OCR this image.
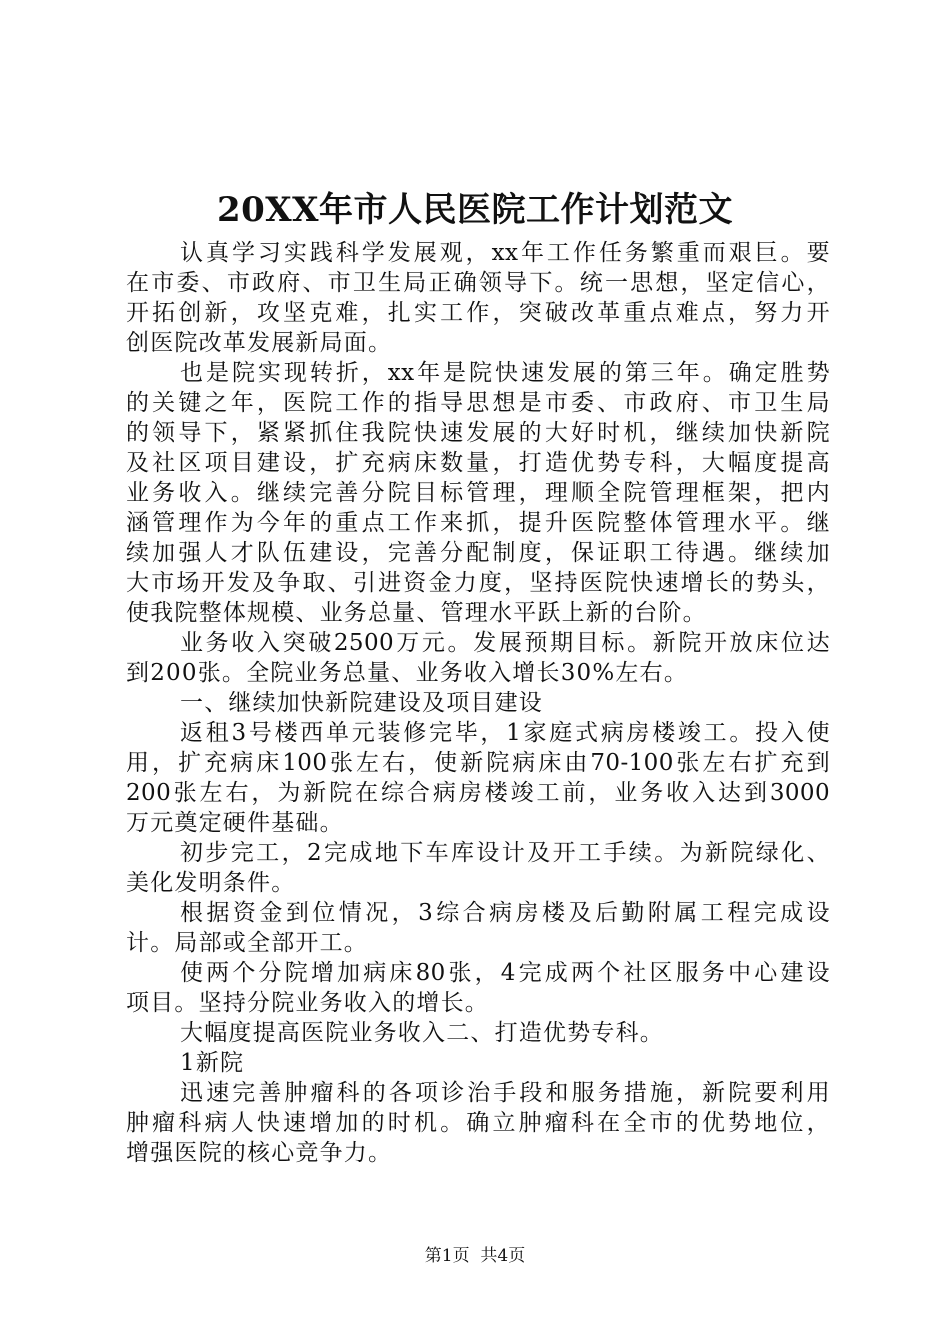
20XX年市人民医院工作计划范文
认真学习实践科学发展观，xx年工作任务繁重而艰巨。要
在市委、市政府、市卫生局正确领导下。统一思想，坚定信心，
开拓创新，攻坚克难，扎实工作，突破改革重点难点，努力开
创医院改革发展新局面。
也是院实现转折，xx年是院快速发展的第三年。确定胜势
的关键之年，医院工作的指导思想是市委、市政府、市卫生局
的领导下，紧紧抓住我院快速发展的大好时机，继续加快新院
及社区项目建设，扩充病床数量，打造优势专科，大幅度提高
业务收入。继续完善分院目标管理，理顺全院管理框架，把内
涵管理作为今年的重点工作来抓，提升医院整体管理水平。继
续加强人才队伍建设，完善分配制度，保证职工待遇。继续加
大市场开发及争取、引进资金力度，坚持医院快速增长的势头，
使我院整体规模、业务总量、管理水平跃上新的台阶。
业务收入突破2500万元。发展预期目标。新院开放床位达
到200张。全院业务总量、业务收入增长30%左右。
一、继续加快新院建设及项目建设
返租3号楼西单元装修完毕，1家庭式病房楼竣工。投入使
用，扩充病床100张左右，使新院病床由70-100张左右扩充到
200张左右，为新院在综合病房楼竣工前，业务收入达到3000
万元奠定硬件基础。
初步完工，2完成地下车库设计及开工手续。为新院绿化、
美化发明条件。
根据资金到位情况，3综合病房楼及后勤附属工程完成设
计。局部或全部开工。
使两个分院增加病床80张，4完成两个社区服务中心建设
项目。坚持分院业务收入的增长。
大幅度提高医院业务收入二、打造优势专科。
1新院
迅速完善肿瘤科的各项诊治手段和服务措施，新院要利用
肿瘤科病人快速增加的时机。确立肿瘤科在全市的优势地位，
增强医院的核心竞争力。
第1页  共4页
